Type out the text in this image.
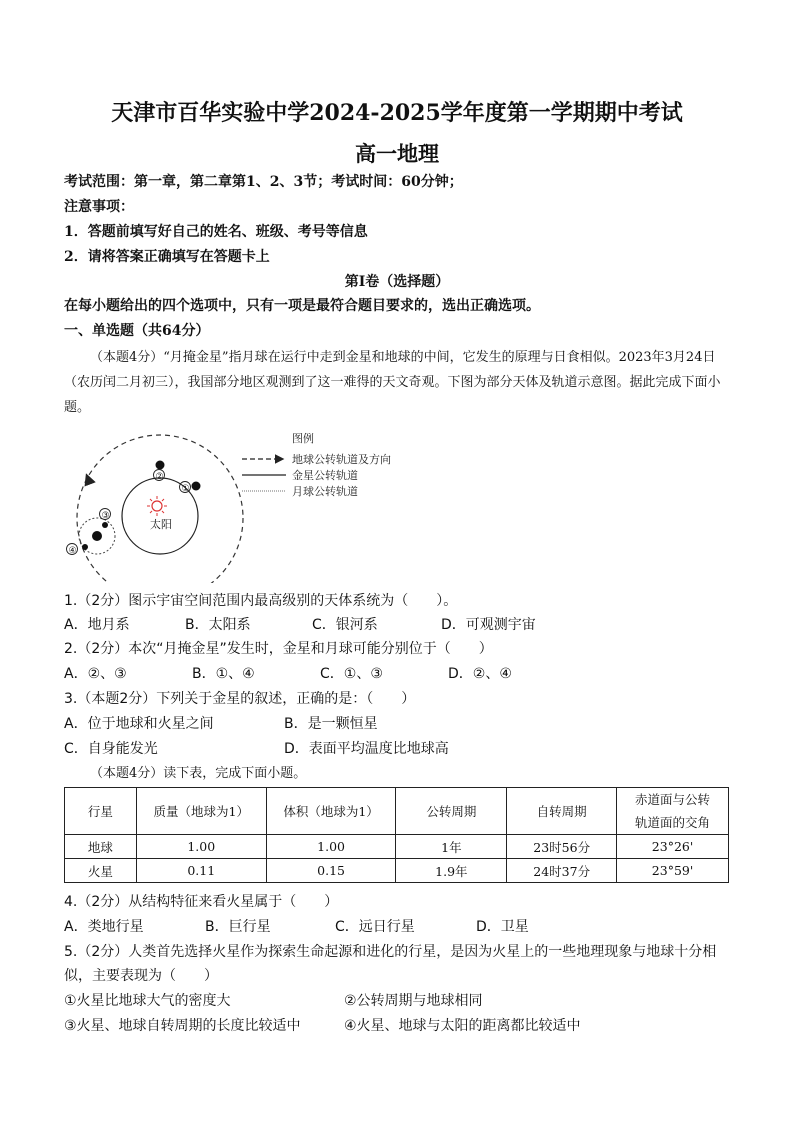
天津市百华实验中学2024-2025学年度第一学期期中考试
高一地理
考试范围：第一章，第二章第1、2、3节；考试时间：60分钟；
注意事项：
1．答题前填写好自己的姓名、班级、考号等信息
2．请将答案正确填写在答题卡上
第Ⅰ卷（选择题）
在每小题给出的四个选项中，只有一项是最符合题目要求的，选出正确选项。
一、单选题（共64分）
（本题4分）“月掩金星”指月球在运行中走到金星和地球的中间，它发生的原理与日食相似。2023年3月24日（农历闰二月初三），我国部分地区观测到了这一难得的天文奇观。下图为部分天体及轨道示意图。据此完成下面小题。
太阳
②
①
③
④
图例
地球公转轨道及方向
金星公转轨道
月球公转轨道
1.（2分）图示宇宙空间范围内最高级别的天体系统为（　　）。
A．地月系	B．太阳系	C．银河系	D．可观测宇宙
2.（2分）本次“月掩金星”发生时，金星和月球可能分别位于（　　）
A．②、③	B．①、④	C．①、③	D．②、④
3.（本题2分）下列关于金星的叙述，正确的是：（　　）
A．位于地球和火星之间	B．是一颗恒星
C．自身能发光	D．表面平均温度比地球高
（本题4分）读下表，完成下面小题。
行星	质量（地球为1）	体积（地球为1）	公转周期	自转周期	赤道面与公转
轨道面的交角

地球	1.00	1.00	1年	23时56分	23°26'
火星	0.11	0.15	1.9年	24时37分	23°59'
4.（2分）从结构特征来看火星属于（　　）
A．类地行星	B．巨行星	C．远日行星	D．卫星
5.（2分）人类首先选择火星作为探索生命起源和进化的行星，是因为火星上的一些地理现象与地球十分相
似，主要表现为（　　）
①火星比地球大气的密度大	②公转周期与地球相同
③火星、地球自转周期的长度比较适中	④火星、地球与太阳的距离都比较适中
